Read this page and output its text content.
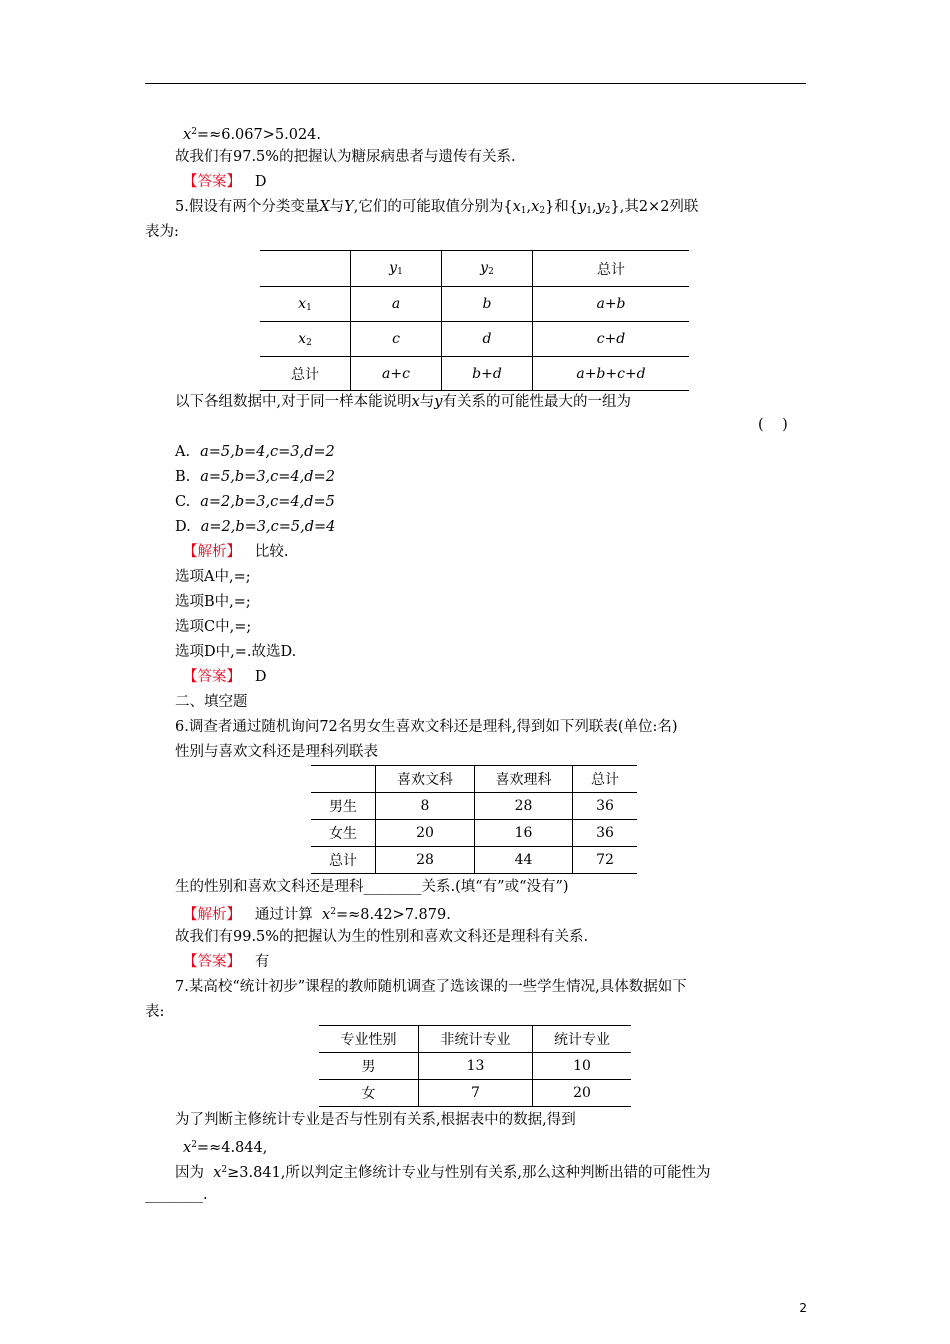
$x^2=\approx 6.067>5.024$.
故我们有97.5%的把握认为糖尿病患者与遗传有关系.
【答案】 D
5.假设有两个分类变量X与Y,它们的可能取值分别为$\{x_1,x_2\}$和$\{y_1,y_2\}$,其2×2列联
表为:
	$y_1$	$y_2$	总计
$x_1$	a	b	a+b
$x_2$	c	d	c+d
总计	a+c	b+d	a+b+c+d
以下各组数据中,对于同一样本能说明x与y有关系的可能性最大的一组为
(    )
A. a=5,b=4,c=3,d=2
B. a=5,b=3,c=4,d=2
C. a=2,b=3,c=4,d=5
D. a=2,b=3,c=5,d=4
【解析】 比较.
选项A中,=;
选项B中,=;
选项C中,=;
选项D中,=.故选D.
【答案】 D
二、填空题
6.调查者通过随机询问72名男女生喜欢文科还是理科,得到如下列联表(单位:名)
性别与喜欢文科还是理科列联表
	喜欢文科	喜欢理科	总计
男生	8	28	36
女生	20	16	36
总计	28	44	72
生的性别和喜欢文科还是理科________关系.(填“有”或“没有”)
【解析】 通过计算 $x^2=\approx 8.42>7.879$.
故我们有99.5%的把握认为生的性别和喜欢文科还是理科有关系.
【答案】 有
7.某高校“统计初步”课程的教师随机调查了选该课的一些学生情况,具体数据如下
表:
专业性别	非统计专业	统计专业
男	13	10
女	7	20
为了判断主修统计专业是否与性别有关系,根据表中的数据,得到
$x^2=\approx 4.844$,
因为 $x^2\ge 3.841$,所以判定主修统计专业与性别有关系,那么这种判断出错的可能性为
________.
2
